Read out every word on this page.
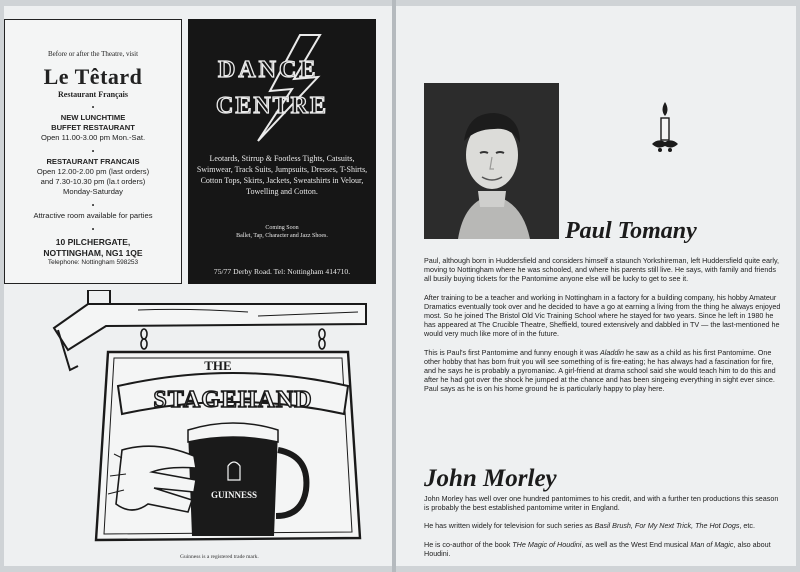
Before or after the Theatre, visit
Le Têtard
Restaurant Français
•
NEW LUNCHTIME
BUFFET RESTAURANT
Open 11.00-3.00 pm Mon.-Sat.
•
RESTAURANT FRANCAIS
Open 12.00-2.00 pm (last orders)
and 7.30-10.30 pm (la.t orders)
Monday-Saturday
•
Attractive room available for parties
•
10 PILCHERGATE,
NOTTINGHAM, NG1 1QE
Telephone: Nottingham 598253
DANCE
CENTRE
Leotards, Stirrup & Footless Tights, Catsuits, Swimwear, Track Suits, Jumpsuits, Dresses, T-Shirts, Cotton Tops, Skirts, Jackets, Sweatshirts in Velour, Towelling and Cotton.
Coming Soon
Ballet, Tap, Character and Jazz Shoes.
75/77 Derby Road. Tel: Nottingham 414710.
THE
STAGEHAND
GUINNESS
Guinness is a registered trade mark.
Paul Tomany

Paul, although born in Huddersfield and considers himself a staunch Yorkshireman, left Huddersfield quite early, moving to Nottingham where he was schooled, and where his parents still live. He says, with family and friends all busily buying tickets for the Pantomime anyone else will be lucky to get to see it.

After training to be a teacher and working in Nottingham in a factory for a building company, his hobby Amateur Dramatics eventually took over and he decided to have a go at earning a living from the thing he always enjoyed most. So he joined The Bristol Old Vic Training School where he stayed for two years. Since he left in 1980 he has appeared at The Crucible Theatre, Sheffield, toured extensively and dabbled in TV — the last-mentioned he would very much like more of in the future.

This is Paul's first Pantomime and funny enough it was Aladdin he saw as a child as his first Pantomime. One other hobby that has born fruit you will see something of is fire-eating; he has always had a fascination for fire, and he says he is probably a pyromaniac. A girl-friend at drama school said she would teach him to do this and after he had got over the shock he jumped at the chance and has been singeing everything in sight ever since. Paul says as he is on his home ground he is particularly happy to play here.

John Morley

John Morley has well over one hundred pantomimes to his credit, and with a further ten productions this season is probably the best established pantomime writer in England.

He has written widely for television for such series as Basil Brush, For My Next Trick, The Hot Dogs, etc.

He is co-author of the book THe Magic of Houdini, as well as the West End musical Man of Magic, also about Houdini.
